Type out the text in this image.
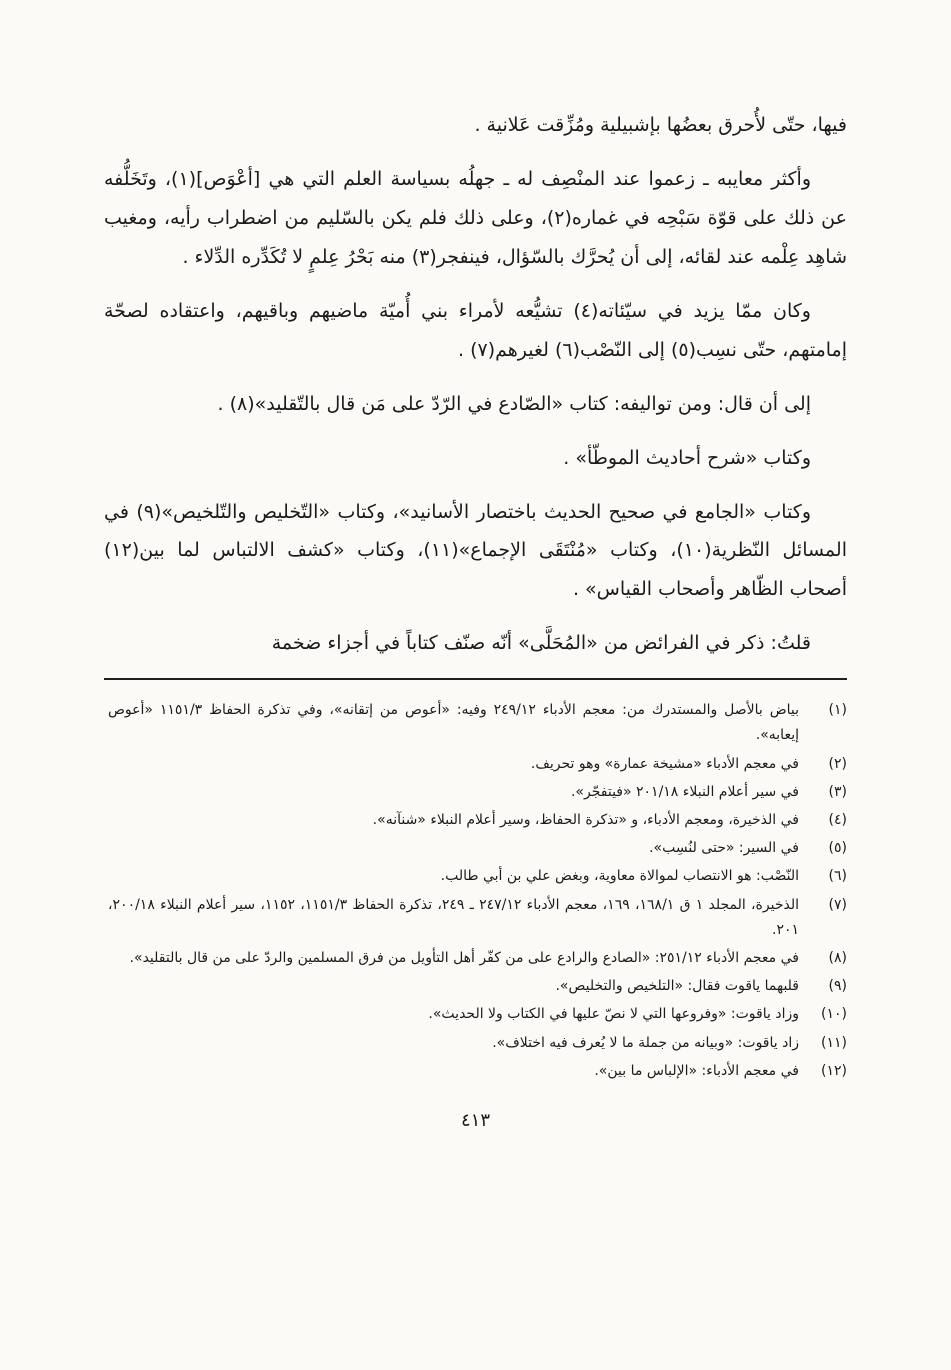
فيها، حتّى لأُحرق بعضُها بإشبيلية ومُزِّقت عَلانية .

وأكثر معايبه ـ زعموا عند المنْصِف له ـ جهلُه بسياسة العلم التي هي [أعْوَص](١)، وتَخَلُّفه عن ذلك على قوّة سَبْحِه في غماره(٢)، وعلى ذلك فلم يكن بالسّليم من اضطراب رأيه، ومغيب شاهِد عِلْمه عند لقائه، إلى أن يُحرَّك بالسّؤال، فينفجر(٣) منه بَحْرُ عِلمٍ لا تُكَدِّره الدِّلاء .

وكان ممّا يزيد في سيّئاته(٤) تشيُّعه لأمراء بني أُميّة ماضيهم وباقيهم، واعتقاده لصحّة إمامتهم، حتّى نسِب(٥) إلى النّصْب(٦) لغيرهم(٧) .

إلى أن قال: ومن تواليفه: كتاب «الصّادع في الرّدّ على مَن قال بالتّقليد»(٨) .

وكتاب «شرح أحاديث الموطّأ» .

وكتاب «الجامع في صحيح الحديث باختصار الأسانيد»، وكتاب «التّخليص والتّلخيص»(٩) في المسائل النّظرية(١٠)، وكتاب «مُنْتَقَى الإجماع»(١١)، وكتاب «كشف الالتباس لما بين(١٢) أصحاب الظّاهر وأصحاب القياس» .

قلتُ: ذكر في الفرائض من «المُحَلَّى» أنّه صنّف كتاباً في أجزاء ضخمة

(١)
بياض بالأصل والمستدرك من: معجم الأدباء ٢٤٩/١٢ وفيه: «أعوص من إتقانه»، وفي تذكرة الحفاظ ١١٥١/٣ «أعوص إيعابه».
(٢)
في معجم الأدباء «مشيخة عمارة» وهو تحريف.
(٣)
في سير أعلام النبلاء ٢٠١/١٨ «فيتفجّر».
(٤)
في الذخيرة، ومعجم الأدباء، و «تذكرة الحفاظ، وسير أعلام النبلاء «شنآنه».
(٥)
في السير: «حتى لنُسِب».
(٦)
النّصْب: هو الانتصاب لموالاة معاوية، وبغض علي بن أبي طالب.
(٧)
الذخيرة، المجلد ١ ق ١٦٨/١، ١٦٩، معجم الأدباء ٢٤٧/١٢ ـ ٢٤٩، تذكرة الحفاظ ١١٥١/٣، ١١٥٢، سير أعلام النبلاء ٢٠٠/١٨، ٢٠١.
(٨)
في معجم الأدباء ٢٥١/١٢: «الصادع والرادع على من كفّر أهل التأويل من فرق المسلمين والردّ على من قال بالتقليد».
(٩)
قلبهما ياقوت فقال: «التلخيص والتخليص».
(١٠)
وزاد ياقوت: «وفروعها التي لا نصّ عليها في الكتاب ولا الحديث».
(١١)
زاد ياقوت: «وبيانه من جملة ما لا يُعرف فيه اختلاف».
(١٢)
في معجم الأدباء: «الإلباس ما بين».
٤١٣
